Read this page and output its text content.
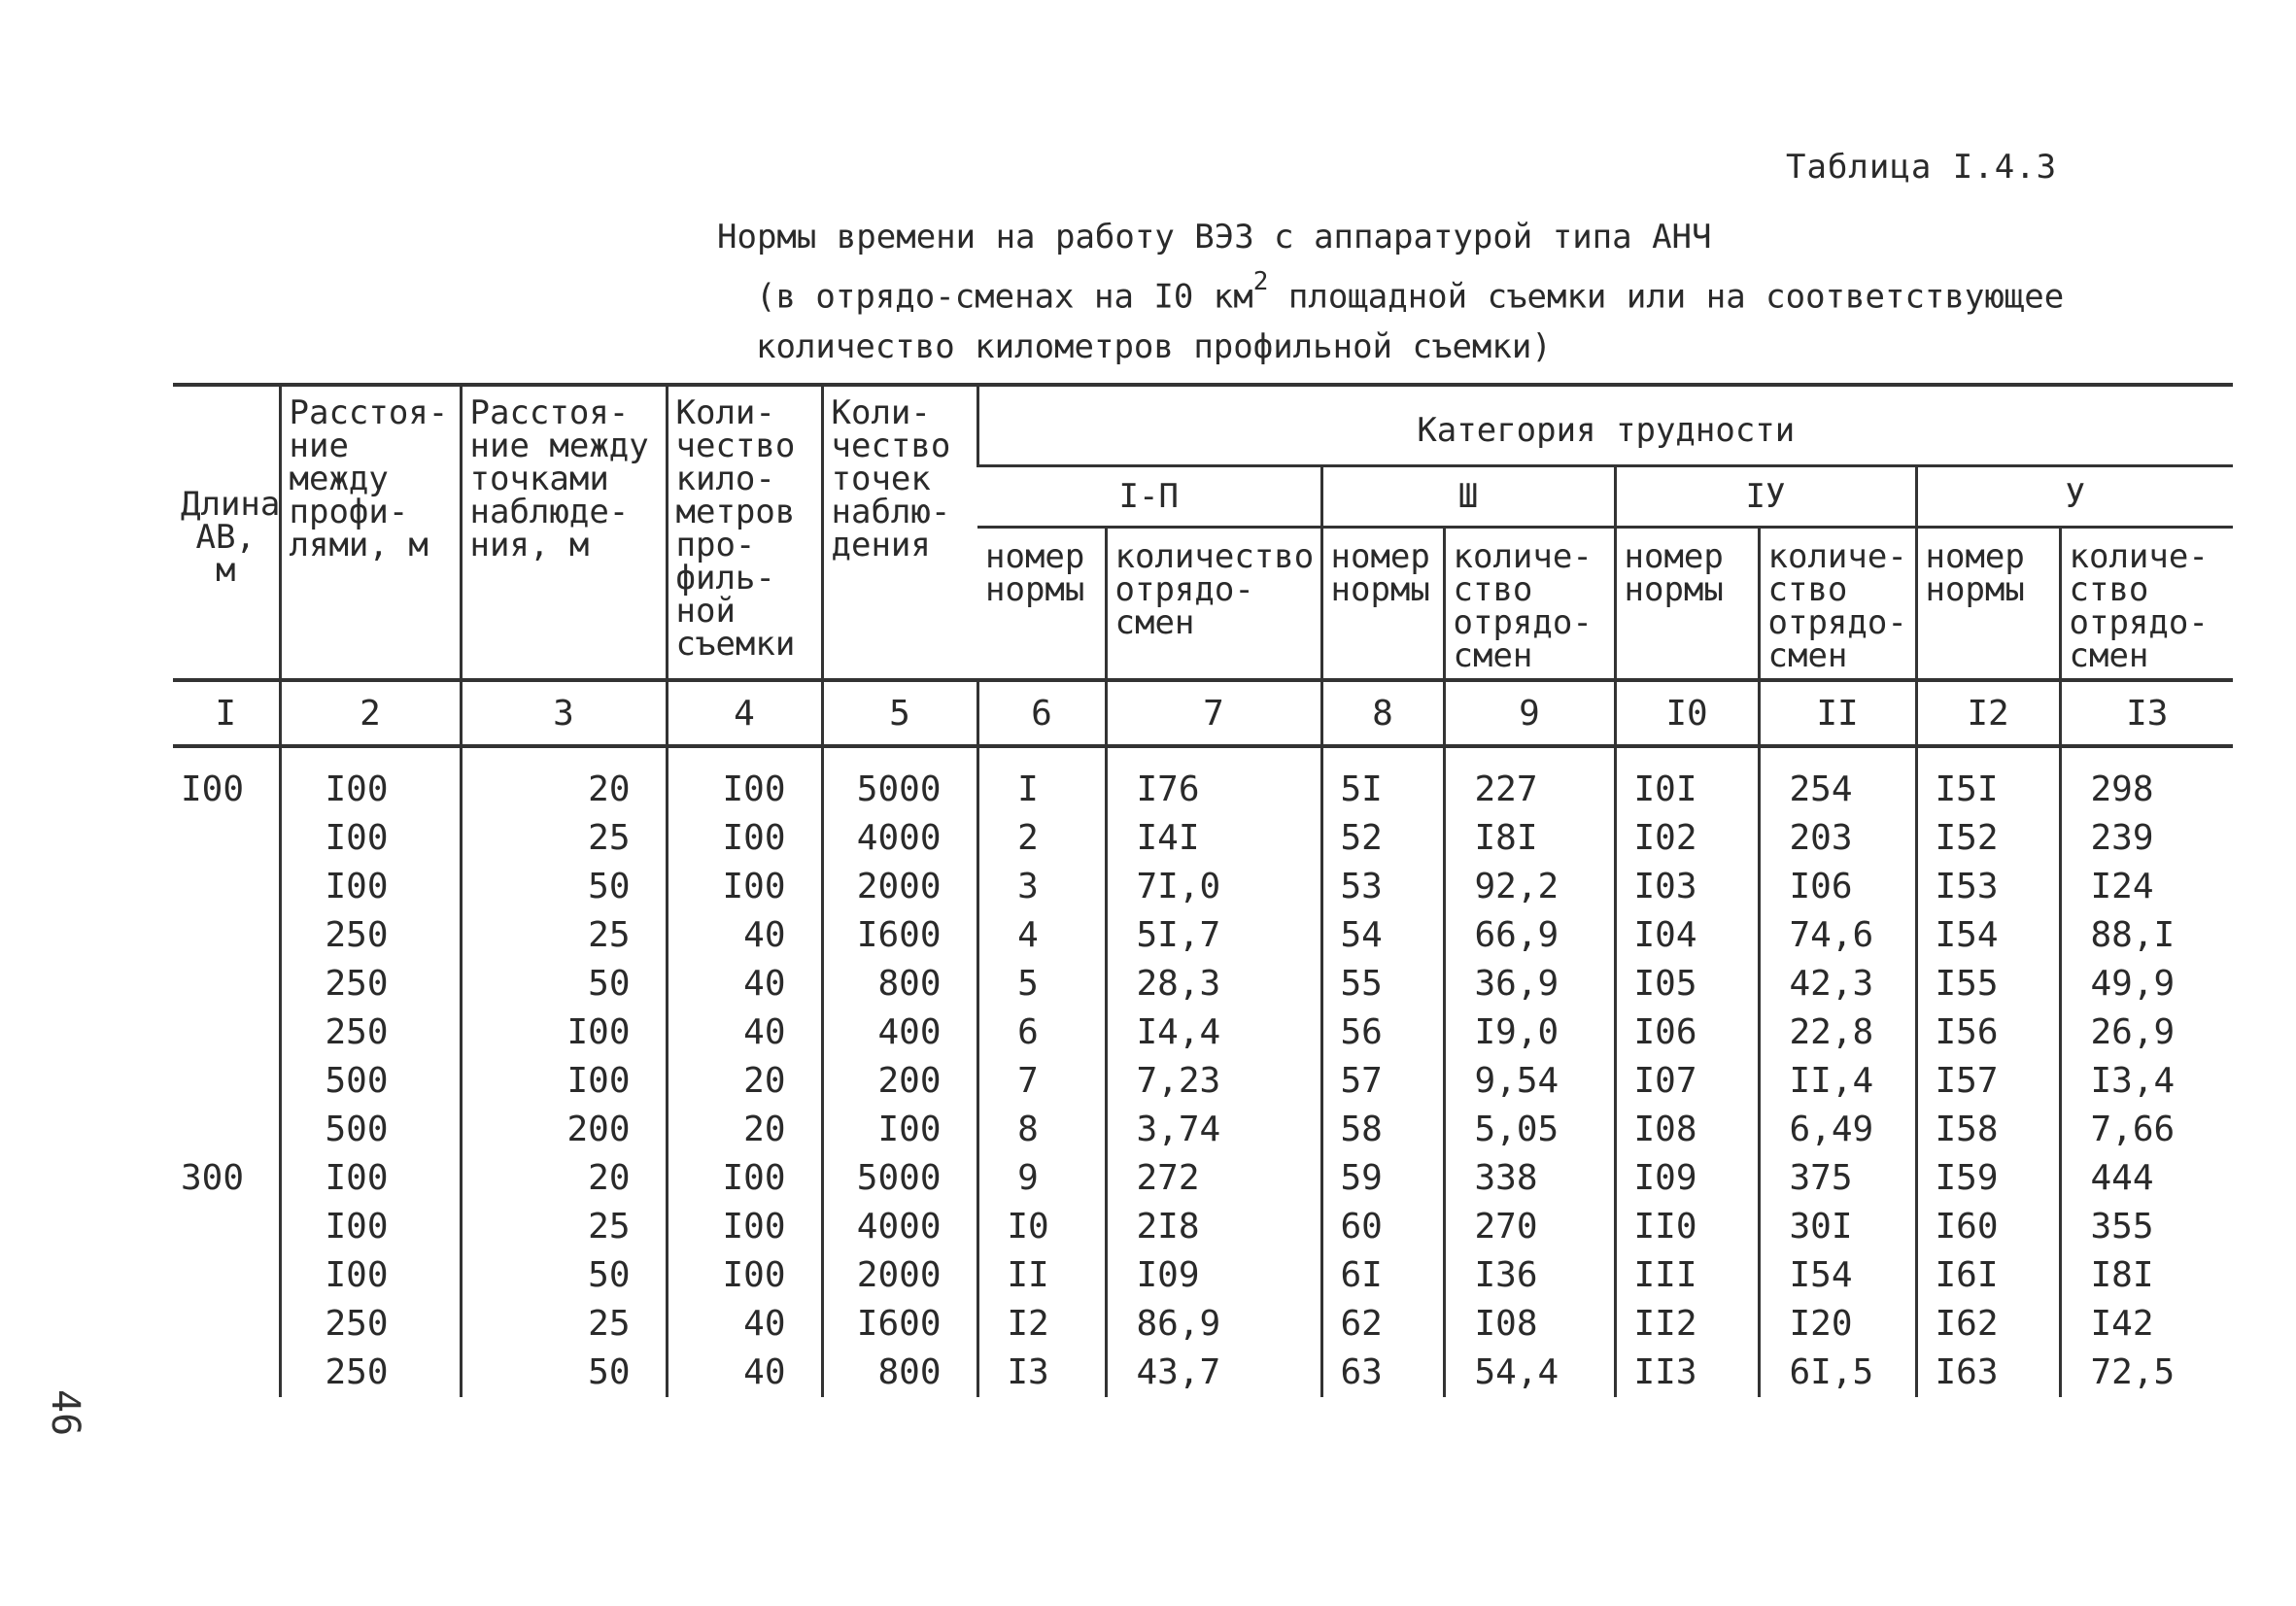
Таблица I.4.3
Нормы времени на работу ВЭЗ с аппаратурой типа АНЧ
(в отрядо-сменах на I0 $км^2$ площадной съемки или на соответствующее
количество километров профильной съемки)
Длина АВ, м	Расстоя-ние между профи-лями, м	Расстоя-ние между точками наблюде-ния, м	Коли-чество кило-метров про-филь-ной съемки	Коли-чество точек наблю-дения	Категория трудности							
					I-П		Ш		IУ		У	
					номер нормы	количество отрядо-смен	номер нормы	количе-ство отрядо-смен	номер нормы	количе-ство отрядо-смен	номер нормы	количе-ство отрядо-смен
I	2	3	4	5	6	7	8	9	I0	II	I2	I3
I00	I00	20	I00	5000	I	I76	5I	227	I0I	254	I5I	298
	I00	25	I00	4000	2	I4I	52	I8I	I02	203	I52	239
	I00	50	I00	2000	3	7I,0	53	92,2	I03	I06	I53	I24
	250	25	40	I600	4	5I,7	54	66,9	I04	74,6	I54	88,I
	250	50	40	800	5	28,3	55	36,9	I05	42,3	I55	49,9
	250	I00	40	400	6	I4,4	56	I9,0	I06	22,8	I56	26,9
	500	I00	20	200	7	7,23	57	9,54	I07	II,4	I57	I3,4
	500	200	20	I00	8	3,74	58	5,05	I08	6,49	I58	7,66
300	I00	20	I00	5000	9	272	59	338	I09	375	I59	444
	I00	25	I00	4000	I0	2I8	60	270	II0	30I	I60	355
	I00	50	I00	2000	II	I09	6I	I36	III	I54	I6I	I8I
	250	25	40	I600	I2	86,9	62	I08	II2	I20	I62	I42
	250	50	40	800	I3	43,7	63	54,4	II3	6I,5	I63	72,5
46
